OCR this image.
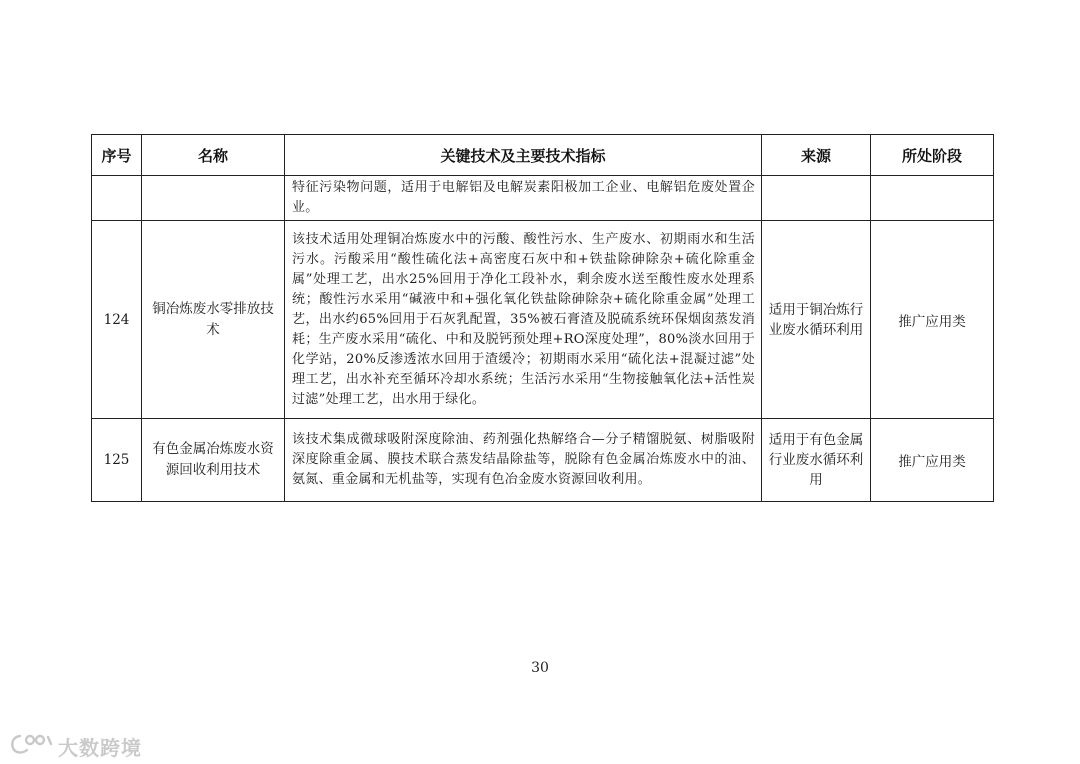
序号	名称	关键技术及主要技术指标	来源	所处阶段
		特征污染物问题，适用于电解铝及电解炭素阳极加工企业、电解铝危废处置企业。		
124	铜冶炼废水零排放技术	该技术适用处理铜冶炼废水中的污酸、酸性污水、生产废水、初期雨水和生活污水。污酸采用“酸性硫化法+高密度石灰中和+铁盐除砷除杂+硫化除重金属”处理工艺，出水25%回用于净化工段补水，剩余废水送至酸性废水处理系统；酸性污水采用“碱液中和+强化氧化铁盐除砷除杂+硫化除重金属”处理工艺，出水约65%回用于石灰乳配置，35%被石膏渣及脱硫系统环保烟囱蒸发消耗；生产废水采用“硫化、中和及脱钙预处理+RO深度处理”，80%淡水回用于化学站，20%反渗透浓水回用于渣缓冷；初期雨水采用“硫化法+混凝过滤”处理工艺，出水补充至循环冷却水系统；生活污水采用“生物接触氧化法+活性炭过滤”处理工艺，出水用于绿化。	适用于铜冶炼行业废水循环利用	推广应用类
125	有色金属冶炼废水资源回收利用技术	该技术集成微球吸附深度除油、药剂强化热解络合—分子精馏脱氨、树脂吸附深度除重金属、膜技术联合蒸发结晶除盐等，脱除有色金属冶炼废水中的油、氨氮、重金属和无机盐等，实现有色冶金废水资源回收利用。	适用于有色金属行业废水循环利用	推广应用类
30
大数跨境
